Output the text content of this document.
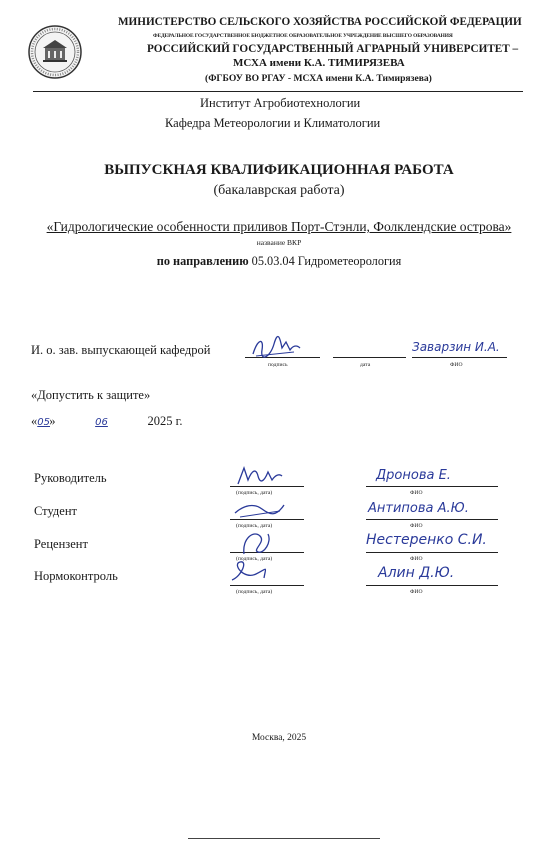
МИНИСТЕРСТВО СЕЛЬСКОГО ХОЗЯЙСТВА РОССИЙСКОЙ ФЕДЕРАЦИИ
ФЕДЕРАЛЬНОЕ ГОСУДАРСТВЕННОЕ БЮДЖЕТНОЕ ОБРАЗОВАТЕЛЬНОЕ УЧРЕЖДЕНИЕ ВЫСШЕГО ОБРАЗОВАНИЯ
РОССИЙСКИЙ ГОСУДАРСТВЕННЫЙ АГРАРНЫЙ УНИВЕРСИТЕТ –
МСХА имени К.А. ТИМИРЯЗЕВА
(ФГБОУ ВО РГАУ - МСХА имени К.А. Тимирязева)
Институт Агробиотехнологии
Кафедра Метеорологии и Климатологии
ВЫПУСКНАЯ КВАЛИФИКАЦИОННАЯ РАБОТА
(бакалаврская работа)
«Гидрологические особенности приливов Порт-Стэнли, Фолклендские острова»
название ВКР
по направлению 05.03.04 Гидрометеорология
И. о. зав. выпускающей кафедрой
подпись	дата
Заварзин И.А.
ФИО
«Допустить к защите»
«05»	06	2025 г.
Руководитель
(подпись, дата)
Дронова Е.
ФИО
Студент
(подпись, дата)
Антипова А.Ю.
ФИО
Рецензент
(подпись, дата)
Нестеренко С.И.
ФИО
Нормоконтроль
(подпись, дата)
Алин Д.Ю.
ФИО
Москва, 2025
